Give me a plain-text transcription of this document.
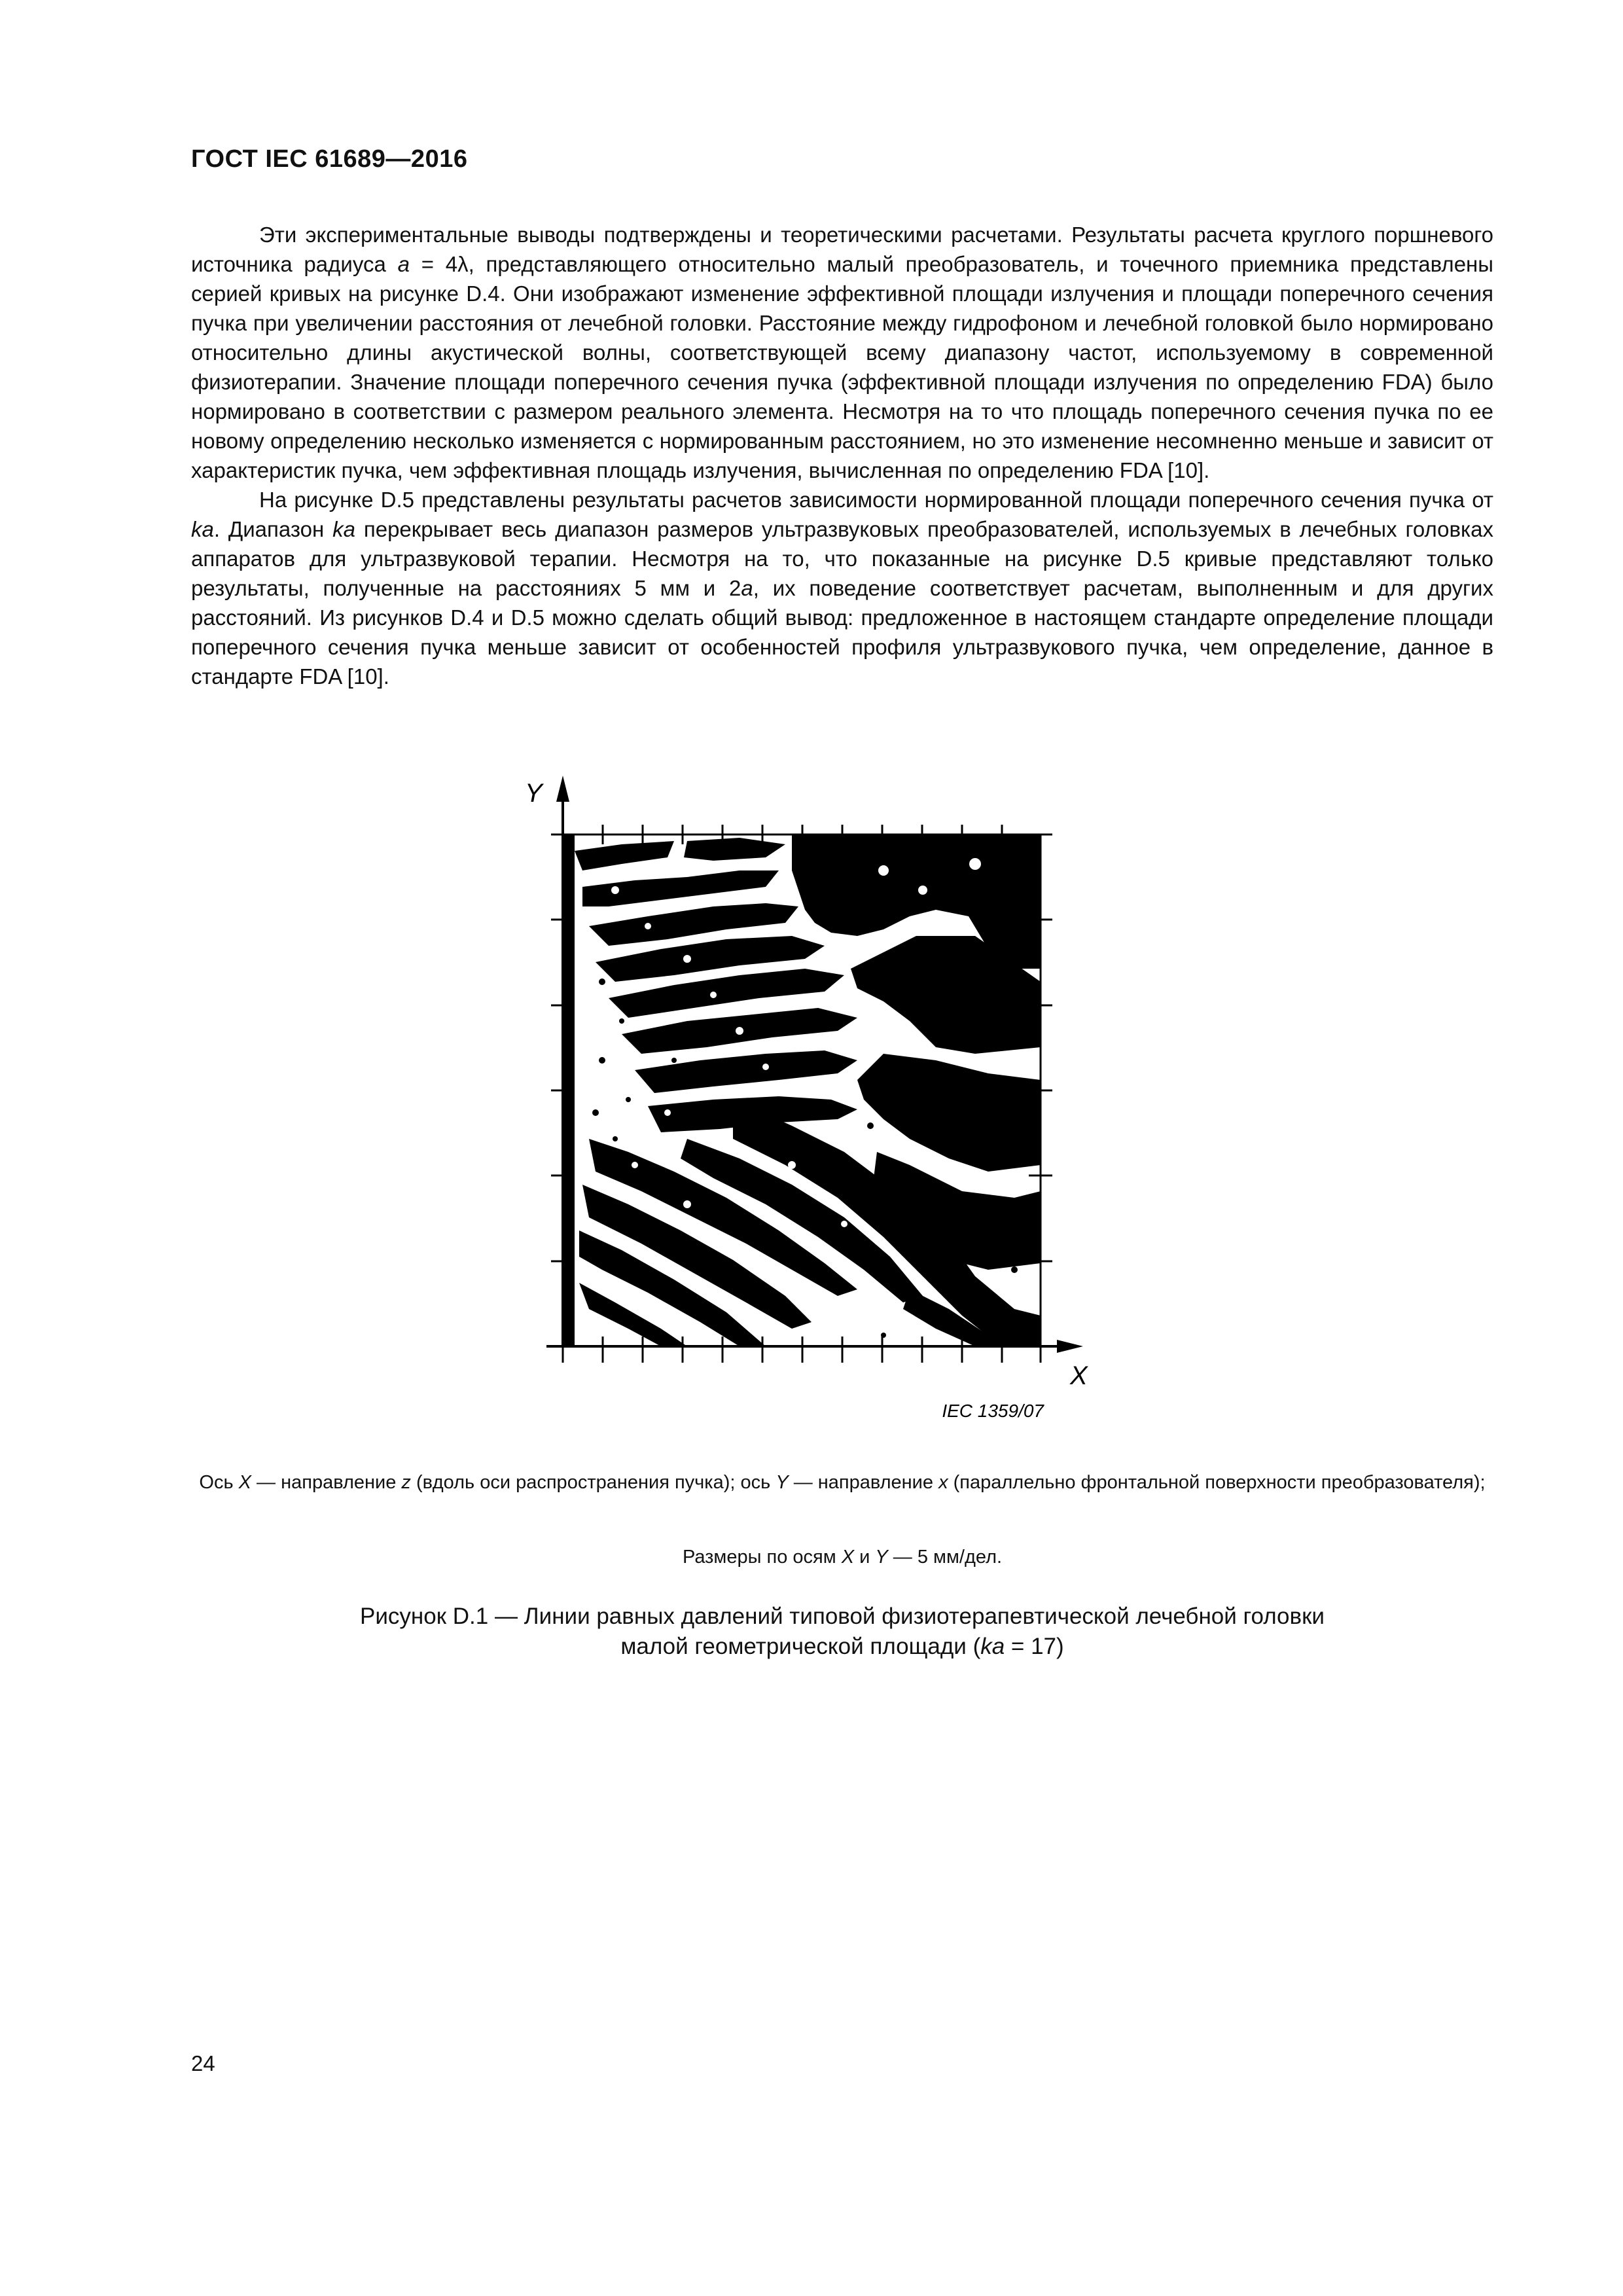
ГОСТ IEC 61689—2016

Эти экспериментальные выводы подтверждены и теоретическими расчетами. Результаты расчета круглого поршневого источника радиуса a = 4λ, представляющего относительно малый преобразователь, и точечного приемника представлены серией кривых на рисунке D.4. Они изображают изменение эффективной площади излучения и площади поперечного сечения пучка при увеличении расстояния от лечебной головки. Расстояние между гидрофоном и лечебной головкой было нормировано относительно длины акустической волны, соответствующей всему диапазону частот, используемому в современной физиотерапии. Значение площади поперечного сечения пучка (эффективной площади излучения по определению FDA) было нормировано в соответствии с размером реального элемента. Несмотря на то что площадь поперечного сечения пучка по ее новому определению несколько изменяется с нормированным расстоянием, но это изменение несомненно меньше и зависит от характеристик пучка, чем эффективная площадь излучения, вычисленная по определению FDA [10].

На рисунке D.5 представлены результаты расчетов зависимости нормированной площади поперечного сечения пучка от ka. Диапазон ka перекрывает весь диапазон размеров ультразвуковых преобразователей, используемых в лечебных головках аппаратов для ультразвуковой терапии. Несмотря на то, что показанные на рисунке D.5 кривые представляют только результаты, полученные на расстояниях 5 мм и 2a, их поведение соответствует расчетам, выполненным и для других расстояний. Из рисунков D.4 и D.5 можно сделать общий вывод: предложенное в настоящем стандарте определение площади поперечного сечения пучка меньше зависит от особенностей профиля ультразвукового пучка, чем определение, данное в стандарте FDA [10].

Y
X
IEC 1359/07
Ось X — направление z (вдоль оси распространения пучка); ось Y — направление x (параллельно фронтальной поверхности преобразователя);
Размеры по осям X и Y — 5 мм/дел.
Рисунок D.1 — Линии равных давлений типовой физиотерапевтической лечебной головки
малой геометрической площади (ka = 17)
24
